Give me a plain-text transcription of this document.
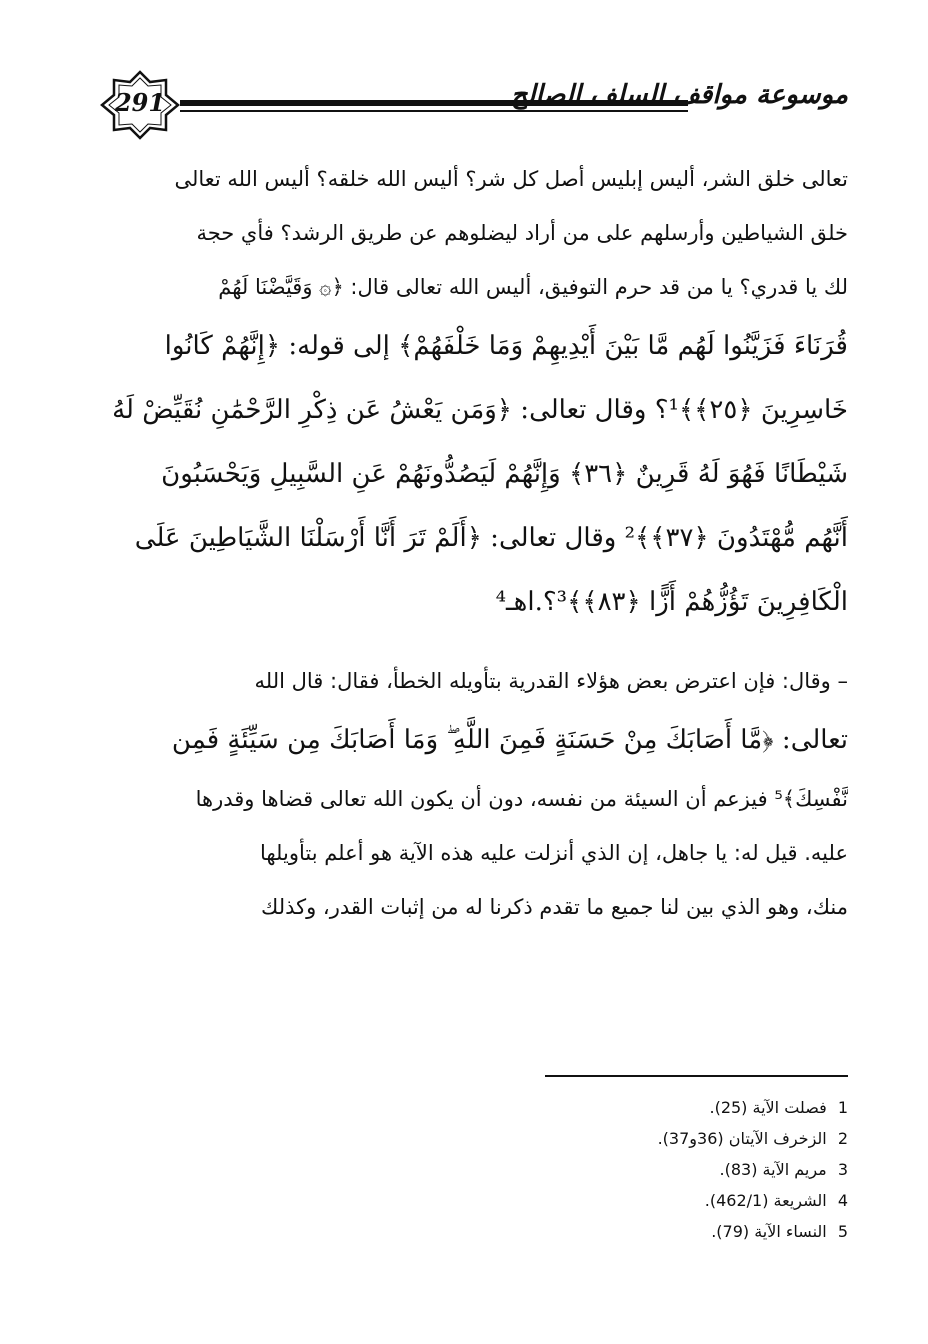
291	موسوعة مواقف السلف الصالح
تعالى خلق الشر، أليس إبليس أصل كل شر؟ أليس الله خلقه؟ أليس الله تعالى
خلق الشياطين وأرسلهم على من أراد ليضلوهم عن طريق الرشد؟ فأي حجة
لك يا قدري؟ يا من قد حرم التوفيق، أليس الله تعالى قال: ﴿۞ وَقَيَّضْنَا لَهُمْ
قُرَنَاءَ فَزَيَّنُوا لَهُم مَّا بَيْنَ أَيْدِيهِمْ وَمَا خَلْفَهُمْ﴾ إلى قوله: ﴿إِنَّهُمْ كَانُوا
خَاسِرِينَ ﴿٢٥﴾﴾¹؟ وقال تعالى: ﴿وَمَن يَعْشُ عَن ذِكْرِ الرَّحْمَٰنِ نُقَيِّضْ لَهُ
شَيْطَانًا فَهُوَ لَهُ قَرِينٌ ﴿٣٦﴾ وَإِنَّهُمْ لَيَصُدُّونَهُمْ عَنِ السَّبِيلِ وَيَحْسَبُونَ
أَنَّهُم مُّهْتَدُونَ ﴿٣٧﴾﴾² وقال تعالى: ﴿أَلَمْ تَرَ أَنَّا أَرْسَلْنَا الشَّيَاطِينَ عَلَى
الْكَافِرِينَ تَؤُزُّهُمْ أَزًّا ﴿٨٣﴾﴾³؟.اهـ⁴
– وقال: فإن اعترض بعض هؤلاء القدرية بتأويله الخطأ، فقال: قال الله
تعالى: ﴿مَّا أَصَابَكَ مِنْ حَسَنَةٍ فَمِنَ اللَّهِ ۖ وَمَا أَصَابَكَ مِن سَيِّئَةٍ فَمِن
نَّفْسِكَ﴾⁵ فيزعم أن السيئة من نفسه، دون أن يكون الله تعالى قضاها وقدرها
عليه. قيل له: يا جاهل، إن الذي أنزلت عليه هذه الآية هو أعلم بتأويلها
منك، وهو الذي بين لنا جميع ما تقدم ذكرنا له من إثبات القدر، وكذلك
1 فصلت الآية (25).
2 الزخرف الآيتان (36و37).
3 مريم الآية (83).
4 الشريعة (462/1).
5 النساء الآية (79).
